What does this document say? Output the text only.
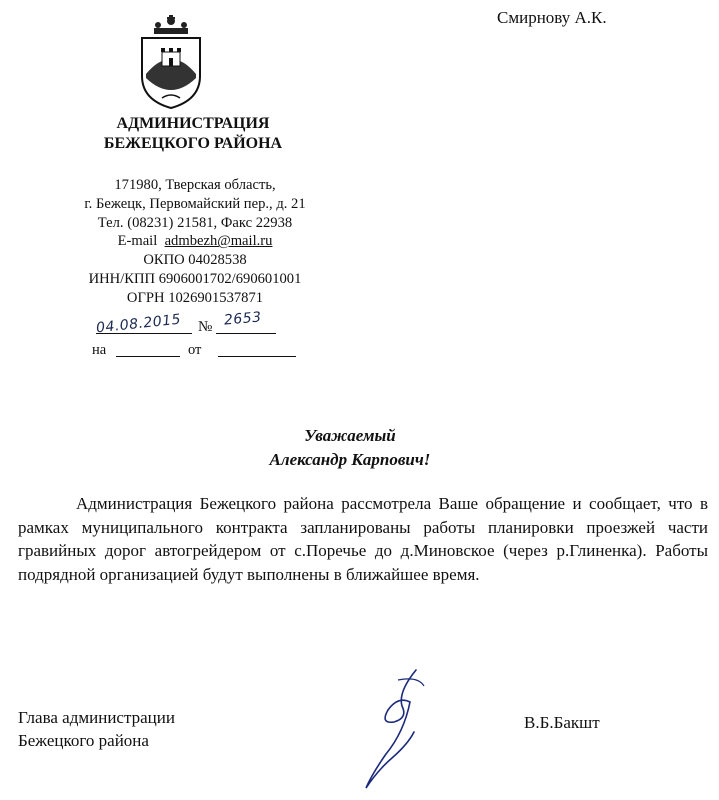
Смирнову А.К.
АДМИНИСТРАЦИЯ
БЕЖЕЦКОГО РАЙОНА
171980, Тверская область,
г. Бежецк, Первомайский пер., д. 21
Тел. (08231) 21581, Факс 22938
E-mail admbezh@mail.ru
ОКПО 04028538
ИНН/КПП 6906001702/690601001
ОГРН 1026901537871
04.08.2015 № 2653
на	от
Уважаемый
Александр Карпович!

Администрация Бежецкого района рассмотрела Ваше обращение и сообщает, что в рамках муниципального контракта запланированы работы планировки проезжей части гравийных дорог автогрейдером от с.Поречье до д.Миновское (через р.Глиненка). Работы подрядной организацией будут выполнены в ближайшее время.

Глава администрации
Бежецкого района
В.Б.Бакшт
